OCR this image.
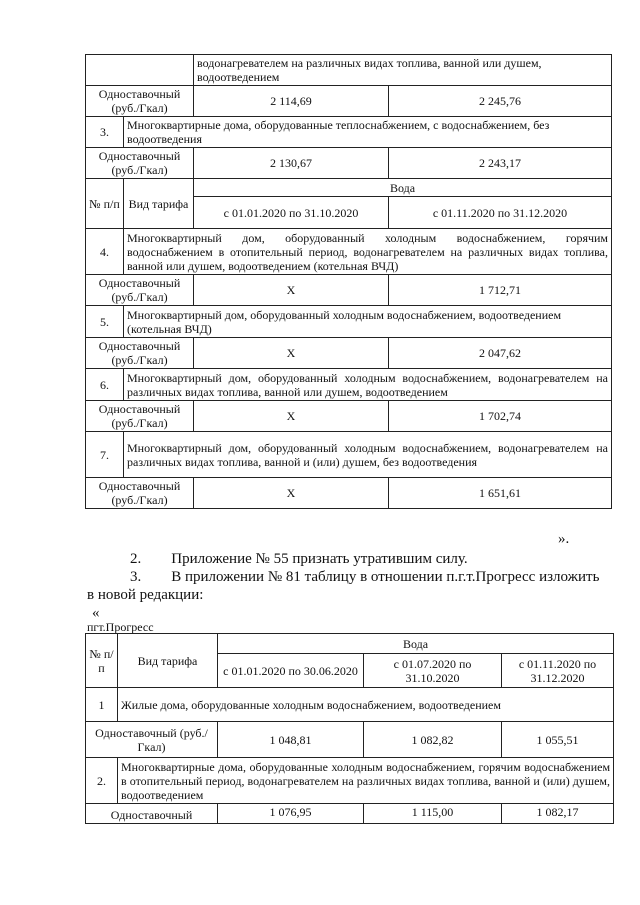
		водонагревателем на различных видах топлива, ванной или душем, водоотведением	
Одноставочный (руб./Гкал)		2 114,69	2 245,76
3.	Многоквартирные дома, оборудованные теплоснабжением, с водоснабжением, без водоотведения		
Одноставочный (руб./Гкал)		2 130,67	2 243,17
№ п/п	Вид тарифа	Вода	
		с 01.01.2020 по 31.10.2020	с 01.11.2020 по 31.12.2020
4.	Многоквартирный дом, оборудованный холодным водоснабжением, горячим водоснабжением в отопительный период, водонагревателем на различных видах топлива, ванной или душем, водоотведением (котельная ВЧД)		
Одноставочный (руб./Гкал)		Х	1 712,71
5.	Многоквартирный дом, оборудованный холодным водоснабжением, водоотведением (котельная ВЧД)		
Одноставочный (руб./Гкал)		Х	2 047,62
6.	Многоквартирный дом, оборудованный холодным водоснабжением, водонагревателем на различных видах топлива, ванной или душем, водоотведением		
Одноставочный (руб./Гкал)		Х	1 702,74
7.	Многоквартирный дом, оборудованный холодным водоснабжением, водонагревателем на различных видах топлива, ванной и (или) душем, без водоотведения		
Одноставочный (руб./Гкал)		Х	1 651,61
».
2.        Приложение № 55 признать утратившим силу.
3.        В приложении № 81 таблицу в отношении п.г.т.Прогресс изложить
в новой редакции:
«
пгт.Прогресс
№ п/п	Вид тарифа	Вода		
		с 01.01.2020 по 30.06.2020	с 01.07.2020 по 31.10.2020	с 01.11.2020 по 31.12.2020
1	Жилые дома, оборудованные холодным водоснабжением, водоотведением			
Одноставочный (руб./Гкал)		1 048,81	1 082,82	1 055,51
2.	Многоквартирные дома, оборудованные холодным водоснабжением, горячим водоснабжением в отопительный период, водонагревателем на различных видах топлива, ванной и (или) душем, водоотведением			
Одноставочный		1 076,95	1 115,00	1 082,17
